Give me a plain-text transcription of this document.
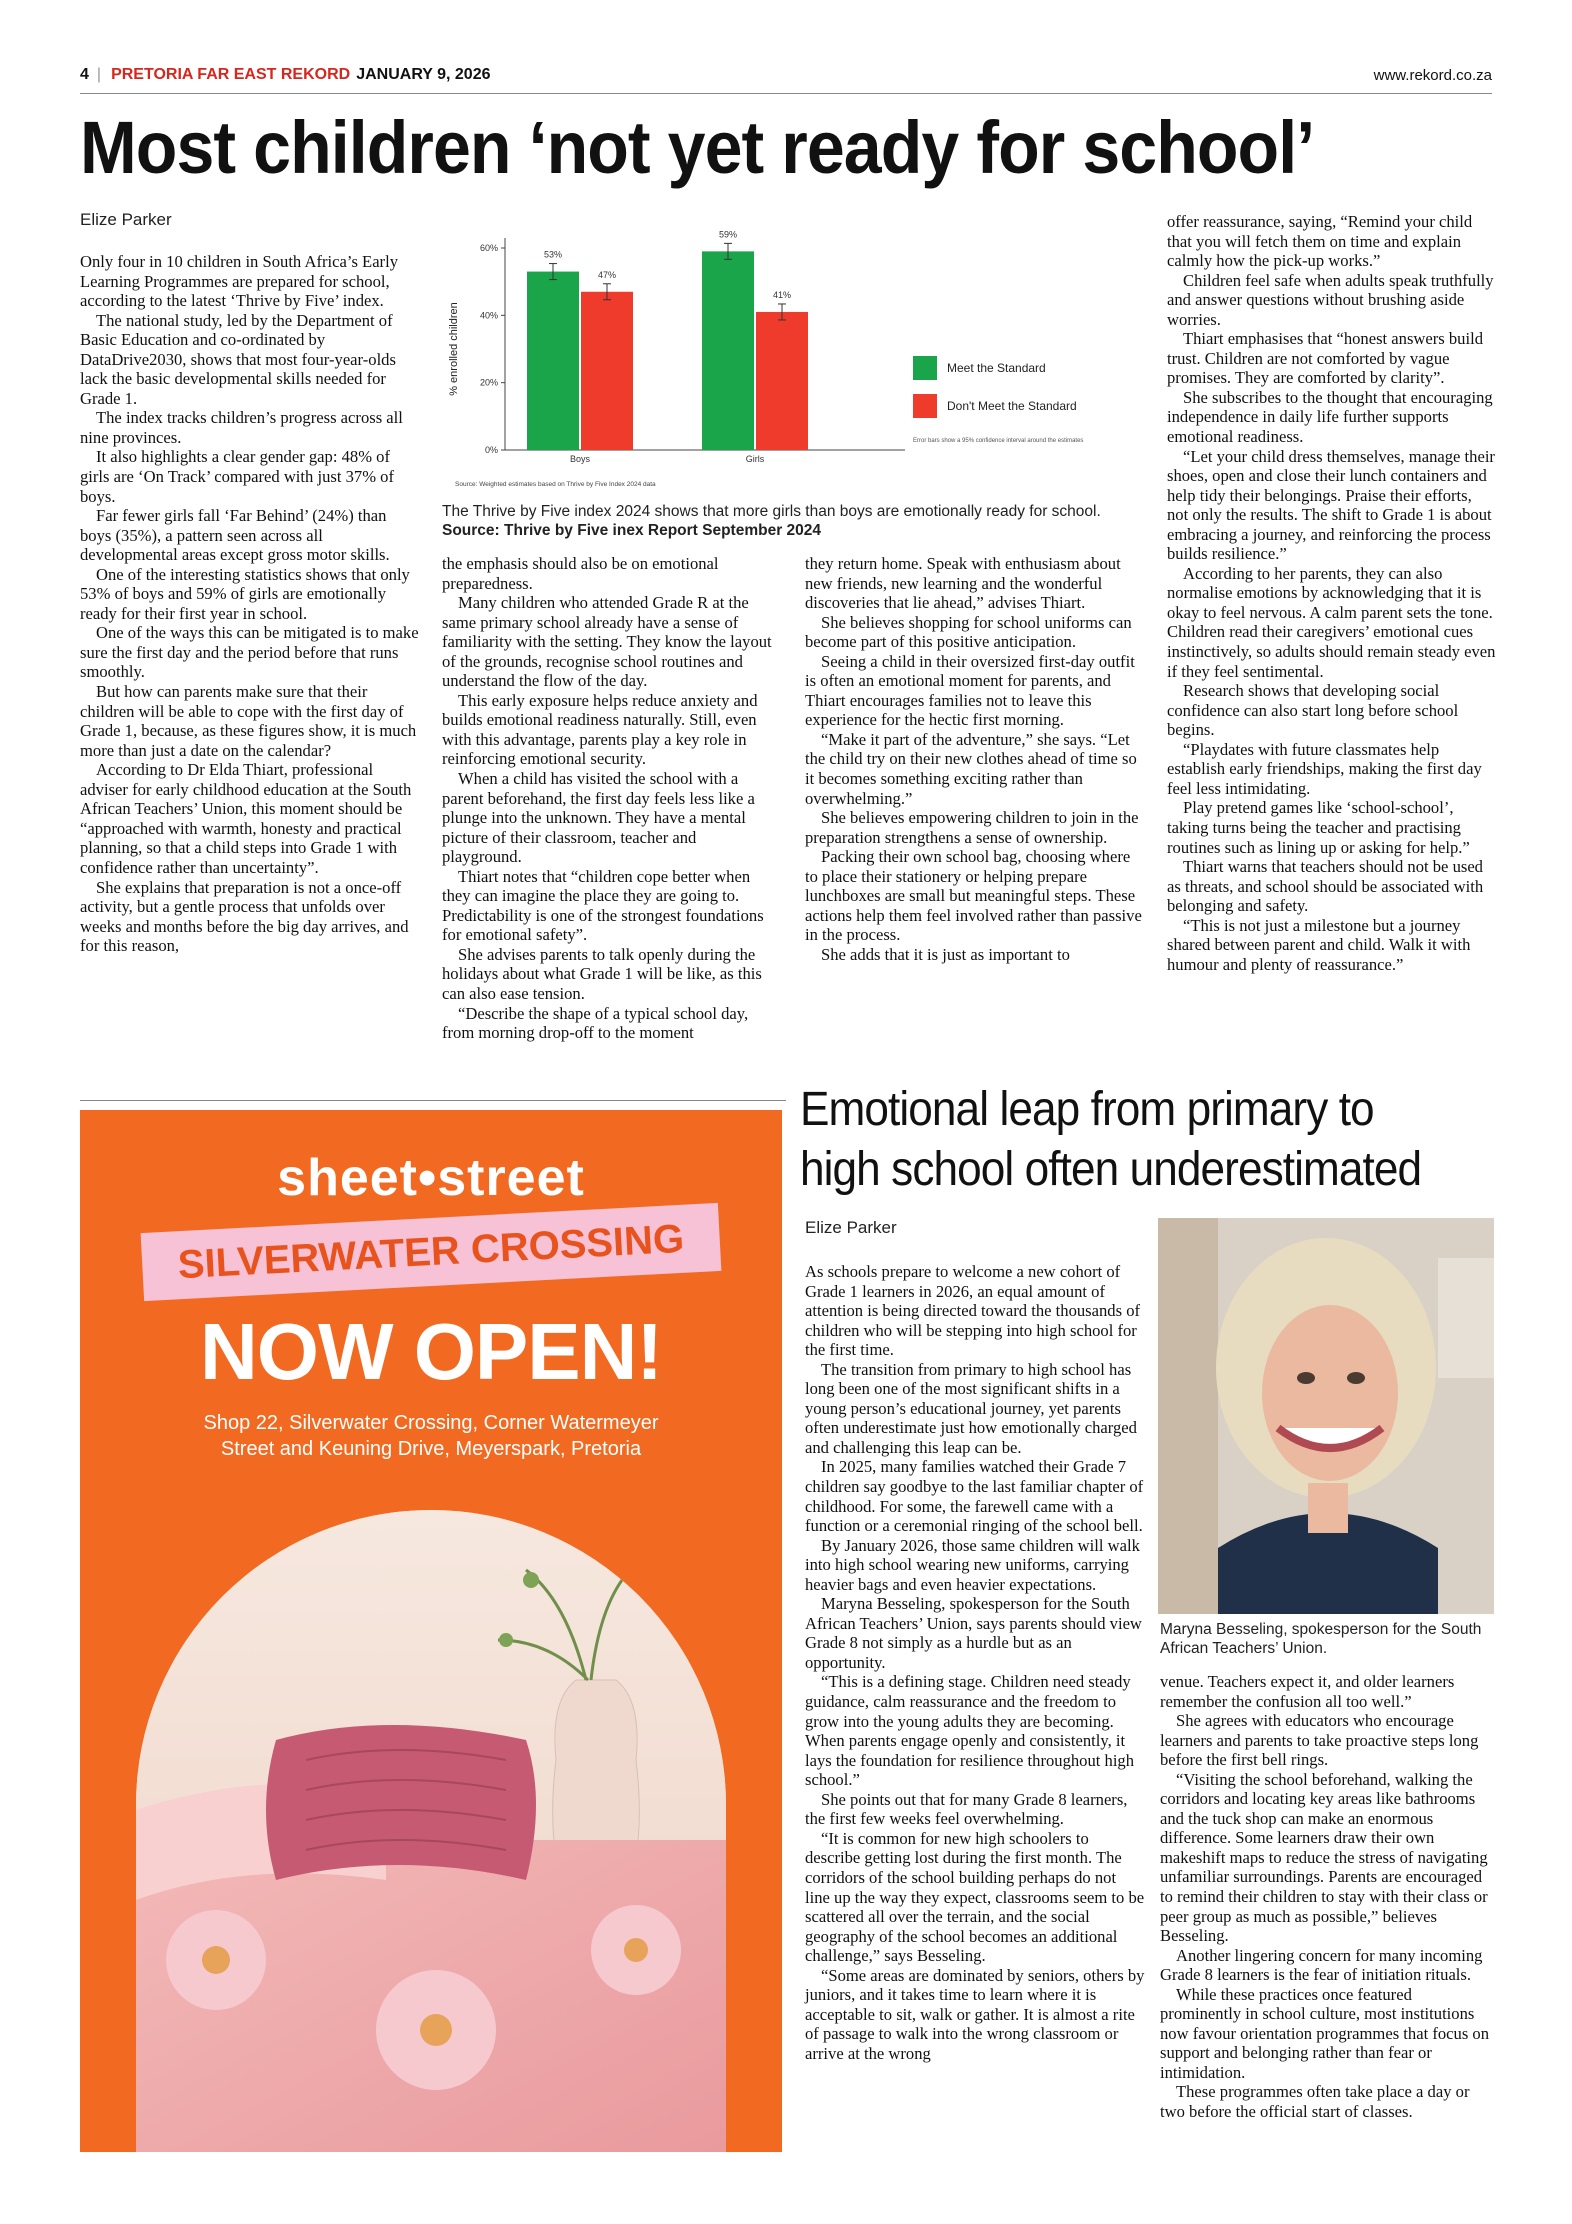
4 | PRETORIA FAR EAST REKORD JANUARY 9, 2026	www.rekord.co.za
Most children ‘not yet ready for school’
Elize Parker

Only four in 10 children in South Africa’s Early Learning Programmes are prepared for school, according to the latest ‘Thrive by Five’ index.

The national study, led by the Department of Basic Education and co-ordinated by DataDrive2030, shows that most four-year-olds lack the basic developmental skills needed for Grade 1.

The index tracks children’s progress across all nine provinces.

It also highlights a clear gender gap: 48% of girls are ‘On Track’ compared with just 37% of boys.

Far fewer girls fall ‘Far Behind’ (24%) than boys (35%), a pattern seen across all developmental areas except gross motor skills.

One of the interesting statistics shows that only 53% of boys and 59% of girls are emotionally ready for their first year in school.

One of the ways this can be mitigated is to make sure the first day and the period before that runs smoothly.

But how can parents make sure that their children will be able to cope with the first day of Grade 1, because, as these figures show, it is much more than just a date on the calendar?

According to Dr Elda Thiart, professional adviser for early childhood education at the South African Teachers’ Union, this moment should be “approached with warmth, honesty and practical planning, so that a child steps into Grade 1 with confidence rather than uncertainty”.

She explains that preparation is not a once-off activity, but a gentle process that unfolds over weeks and months before the big day arrives, and for this reason,

the emphasis should also be on emotional preparedness.

Many children who attended Grade R at the same primary school already have a sense of familiarity with the setting. They know the layout of the grounds, recognise school routines and understand the flow of the day.

This early exposure helps reduce anxiety and builds emotional readiness naturally. Still, even with this advantage, parents play a key role in reinforcing emotional security.

When a child has visited the school with a parent beforehand, the first day feels less like a plunge into the unknown. They have a mental picture of their classroom, teacher and playground.

Thiart notes that “children cope better when they can imagine the place they are going to. Predictability is one of the strongest foundations for emotional safety”.

She advises parents to talk openly during the holidays about what Grade 1 will be like, as this can also ease tension.

“Describe the shape of a typical school day, from morning drop-off to the moment

they return home. Speak with enthusiasm about new friends, new learning and the wonderful discoveries that lie ahead,” advises Thiart.

She believes shopping for school uniforms can become part of this positive anticipation.

Seeing a child in their oversized first-day outfit is often an emotional moment for parents, and Thiart encourages families not to leave this experience for the hectic first morning.

“Make it part of the adventure,” she says. “Let the child try on their new clothes ahead of time so it becomes something exciting rather than overwhelming.”

She believes empowering children to join in the preparation strengthens a sense of ownership.

Packing their own school bag, choosing where to place their stationery or helping prepare lunchboxes are small but meaningful steps. These actions help them feel involved rather than passive in the process.

She adds that it is just as important to

offer reassurance, saying, “Remind your child that you will fetch them on time and explain calmly how the pick-up works.”

Children feel safe when adults speak truthfully and answer questions without brushing aside worries.

Thiart emphasises that “honest answers build trust. Children are not comforted by vague promises. They are comforted by clarity”.

She subscribes to the thought that encouraging independence in daily life further supports emotional readiness.

“Let your child dress themselves, manage their shoes, open and close their lunch containers and help tidy their belongings. Praise their efforts, not only the results. The shift to Grade 1 is about embracing a journey, and reinforcing the process builds resilience.”

According to her parents, they can also normalise emotions by acknowledging that it is okay to feel nervous. A calm parent sets the tone. Children read their caregivers’ emotional cues instinctively, so adults should remain steady even if they feel sentimental.

Research shows that developing social confidence can also start long before school begins.

“Playdates with future classmates help establish early friendships, making the first day feel less intimidating.

Play pretend games like ‘school-school’, taking turns being the teacher and practising routines such as lining up or asking for help.”

Thiart warns that teachers should not be used as threats, and school should be associated with belonging and safety.

“This is not just a milestone but a journey shared between parent and child. Walk it with humour and plenty of reassurance.”

0%
20%
40%
60%
% enrolled children
53%
47%
Boys
59%
41%
Girls
Meet the Standard
Don't Meet the Standard
Error bars show a 95% confidence interval around the estimates
Source: Weighted estimates based on Thrive by Five Index 2024 data
The Thrive by Five index 2024 shows that more girls than boys are emotionally ready for school. Source: Thrive by Five inex Report September 2024
sheet•street
SILVERWATER CROSSING
NOW OPEN!
Shop 22, Silverwater Crossing, Corner Watermeyer
Street and Keuning Drive, Meyerspark, Pretoria
Emotional leap from primary to high school often underestimated
Elize Parker

As schools prepare to welcome a new cohort of Grade 1 learners in 2026, an equal amount of attention is being directed toward the thousands of children who will be stepping into high school for the first time.

The transition from primary to high school has long been one of the most significant shifts in a young person’s educational journey, yet parents often underestimate just how emotionally charged and challenging this leap can be.

In 2025, many families watched their Grade 7 children say goodbye to the last familiar chapter of childhood. For some, the farewell came with a function or a ceremonial ringing of the school bell.

By January 2026, those same children will walk into high school wearing new uniforms, carrying heavier bags and even heavier expectations.

Maryna Besseling, spokesperson for the South African Teachers’ Union, says parents should view Grade 8 not simply as a hurdle but as an opportunity.

“This is a defining stage. Children need steady guidance, calm reassurance and the freedom to grow into the young adults they are becoming. When parents engage openly and consistently, it lays the foundation for resilience throughout high school.”

She points out that for many Grade 8 learners, the first few weeks feel overwhelming.

“It is common for new high schoolers to describe getting lost during the first month. The corridors of the school building perhaps do not line up the way they expect, classrooms seem to be scattered all over the terrain, and the social geography of the school becomes an additional challenge,” says Besseling.

“Some areas are dominated by seniors, others by juniors, and it takes time to learn where it is acceptable to sit, walk or gather. It is almost a rite of passage to walk into the wrong classroom or arrive at the wrong

Maryna Besseling, spokesperson for the South African Teachers’ Union.

venue. Teachers expect it, and older learners remember the confusion all too well.”

She agrees with educators who encourage learners and parents to take proactive steps long before the first bell rings.

“Visiting the school beforehand, walking the corridors and locating key areas like bathrooms and the tuck shop can make an enormous difference. Some learners draw their own makeshift maps to reduce the stress of navigating unfamiliar surroundings. Parents are encouraged to remind their children to stay with their class or peer group as much as possible,” believes Besseling.

Another lingering concern for many incoming Grade 8 learners is the fear of initiation rituals.

While these practices once featured prominently in school culture, most institutions now favour orientation programmes that focus on support and belonging rather than fear or intimidation.

These programmes often take place a day or two before the official start of classes.
